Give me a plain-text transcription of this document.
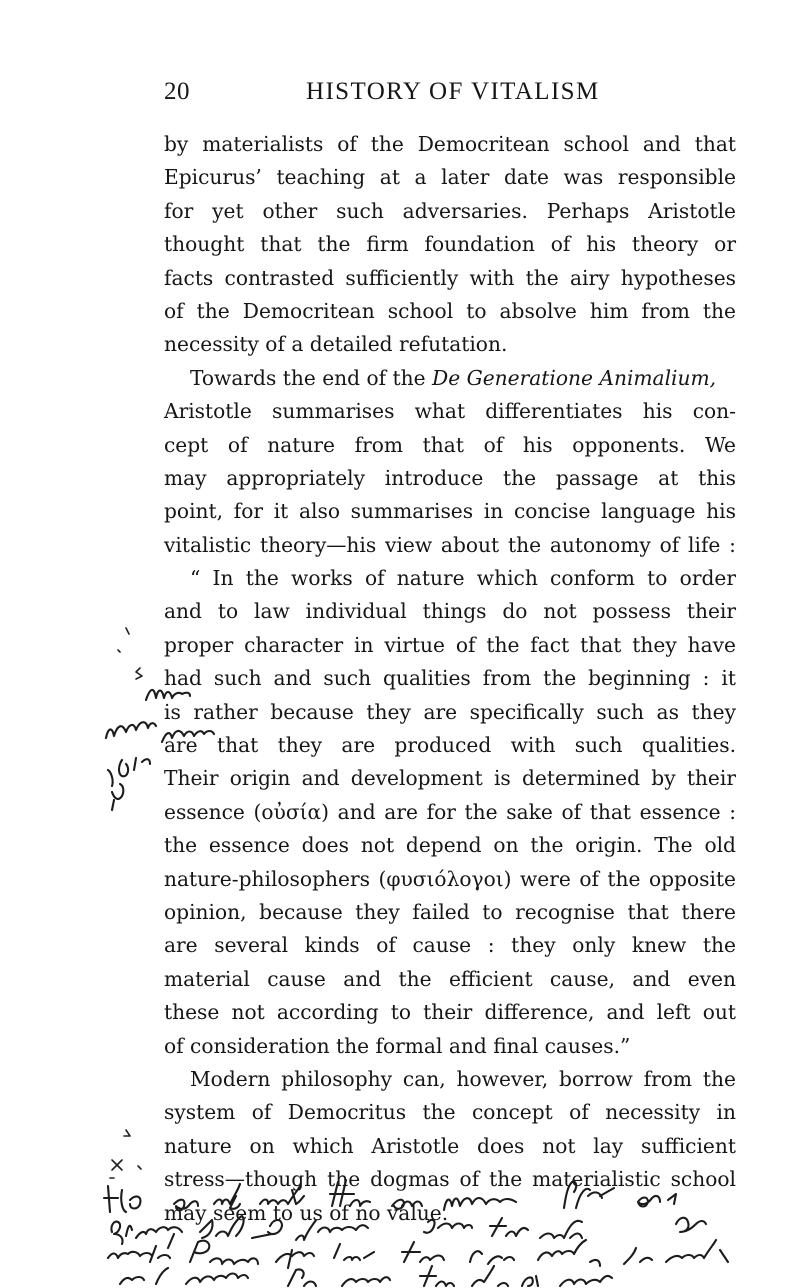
20	HISTORY OF VITALISM
by materialists of the Democritean school and that
Epicurus’ teaching at a later date was responsible
for yet other such adversaries. Perhaps Aristotle
thought that the firm foundation of his theory or
facts contrasted sufficiently with the airy hypotheses
of the Democritean school to absolve him from the
necessity of a detailed refutation.
Towards the end of the De Generatione Animalium,
Aristotle summarises what differentiates his con-
cept of nature from that of his opponents. We
may appropriately introduce the passage at this
point, for it also summarises in concise language his
vitalistic theory—his view about the autonomy of life :
“ In the works of nature which conform to order
and to law individual things do not possess their
proper character in virtue of the fact that they have
had such and such qualities from the beginning : it
is rather because they are specifically such as they
are that they are produced with such qualities.
Their origin and development is determined by their
essence (οὐσία) and are for the sake of that essence :
the essence does not depend on the origin. The old
nature-philosophers (φυσιόλογοι) were of the opposite
opinion, because they failed to recognise that there
are several kinds of cause : they only knew the
material cause and the efficient cause, and even
these not according to their difference, and left out
of consideration the formal and final causes.”
Modern philosophy can, however, borrow from the
system of Democritus the concept of necessity in
nature on which Aristotle does not lay sufficient
stress—though the dogmas of the materialistic school
may seem to us of no value.
